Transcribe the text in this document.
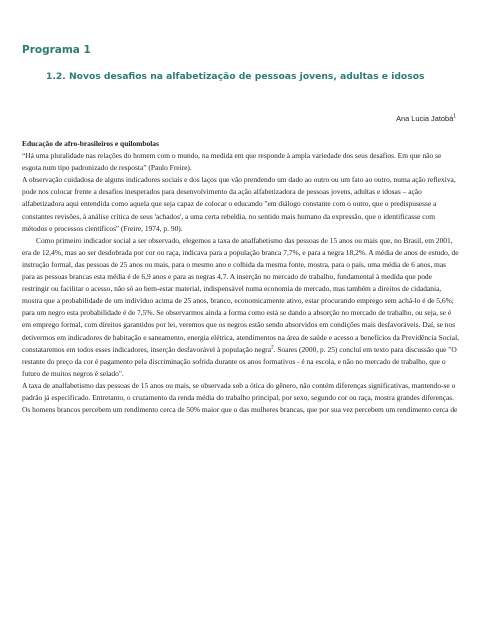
Programa 1
1.2. Novos desafios na alfabetização de pessoas jovens, adultas e idosos
Ana Lucia Jatobá$^1$

Educação de afro-brasileiros e quilombolas

“Há uma pluralidade nas relações do homem com o mundo, na medida em que responde à ampla variedade dos seus desafios. Em que não se esgota num tipo padronizado de resposta” (Paulo Freire).

A observação cuidadosa de alguns indicadores sociais e dos laços que vão prendendo um dado ao outro ou um fato ao outro, numa ação reflexiva, pode nos colocar frente a desafios inesperados para desenvolvimento da ação alfabetizadora de pessoas jovens, adultas e idosas – ação alfabetizadora aqui entendida como aquela que seja capaz de colocar o educando "em diálogo constante com o outro, que o predispusesse a constantes revisões, à análise crítica de seus 'achados', a uma certa rebeldia, no sentido mais humano da expressão, que o identificasse com métodos e processos científicos" (Freire, 1974, p. 90).

Como primeiro indicador social a ser observado, elegemos a taxa de analfabetismo das pessoas de 15 anos ou mais que, no Brasil, em 2001, era de 12,4%, mas ao ser desdobrada por cor ou raça, indicava para a população branca 7,7%, e para a negra 18,2%. A média de anos de estudo, de instrução formal, das pessoas de 25 anos ou mais, para o mesmo ano e colhida da mesma fonte, mostra, para o país, uma média de 6 anos, mas para as pessoas brancas esta média é de 6,9 anos e para as negras 4,7. A inserção no mercado de trabalho, fundamental à medida que pode restringir ou facilitar o acesso, não só ao bem-estar material, indispensável numa economia de mercado, mas também a direitos de cidadania, mostra que a probabilidade de um indivíduo acima de 25 anos, branco, economicamente ativo, estar procurando emprego sem achá-lo é de 5,6%; para um negro esta probabilidade é de 7,5%. Se observarmos ainda a forma como está se dando a absorção no mercado de trabalho, ou seja, se é em emprego formal, com direitos garantidos por lei, veremos que os negros estão sendo absorvidos em condições mais desfavoráveis. Daí, se nos detivermos em indicadores de habitação e saneamento, energia elétrica, atendimentos na área de saúde e acesso a benefícios da Previdência Social, constataremos em todos esses indicadores, inserção desfavorável à população negra$^2$. Soares (2000, p. 25) concluí em texto para discussão que "O restante do preço da cor é pagamento pela discriminação sofrida durante os anos formativos - é na escola, e não no mercado de trabalho, que o futuro de muitos negros é selado".

A taxa de analfabetismo das pessoas de 15 anos ou mais, se observada sob a ótica do gênero, não contém diferenças significativas, mantendo-se o padrão já especificado. Entretanto, o cruzamento da renda média do trabalho principal, por sexo, segundo cor ou raça, mostra grandes diferenças. Os homens brancos percebem um rendimento cerca de 50% maior que o das mulheres brancas, que por sua vez percebem um rendimento cerca de
